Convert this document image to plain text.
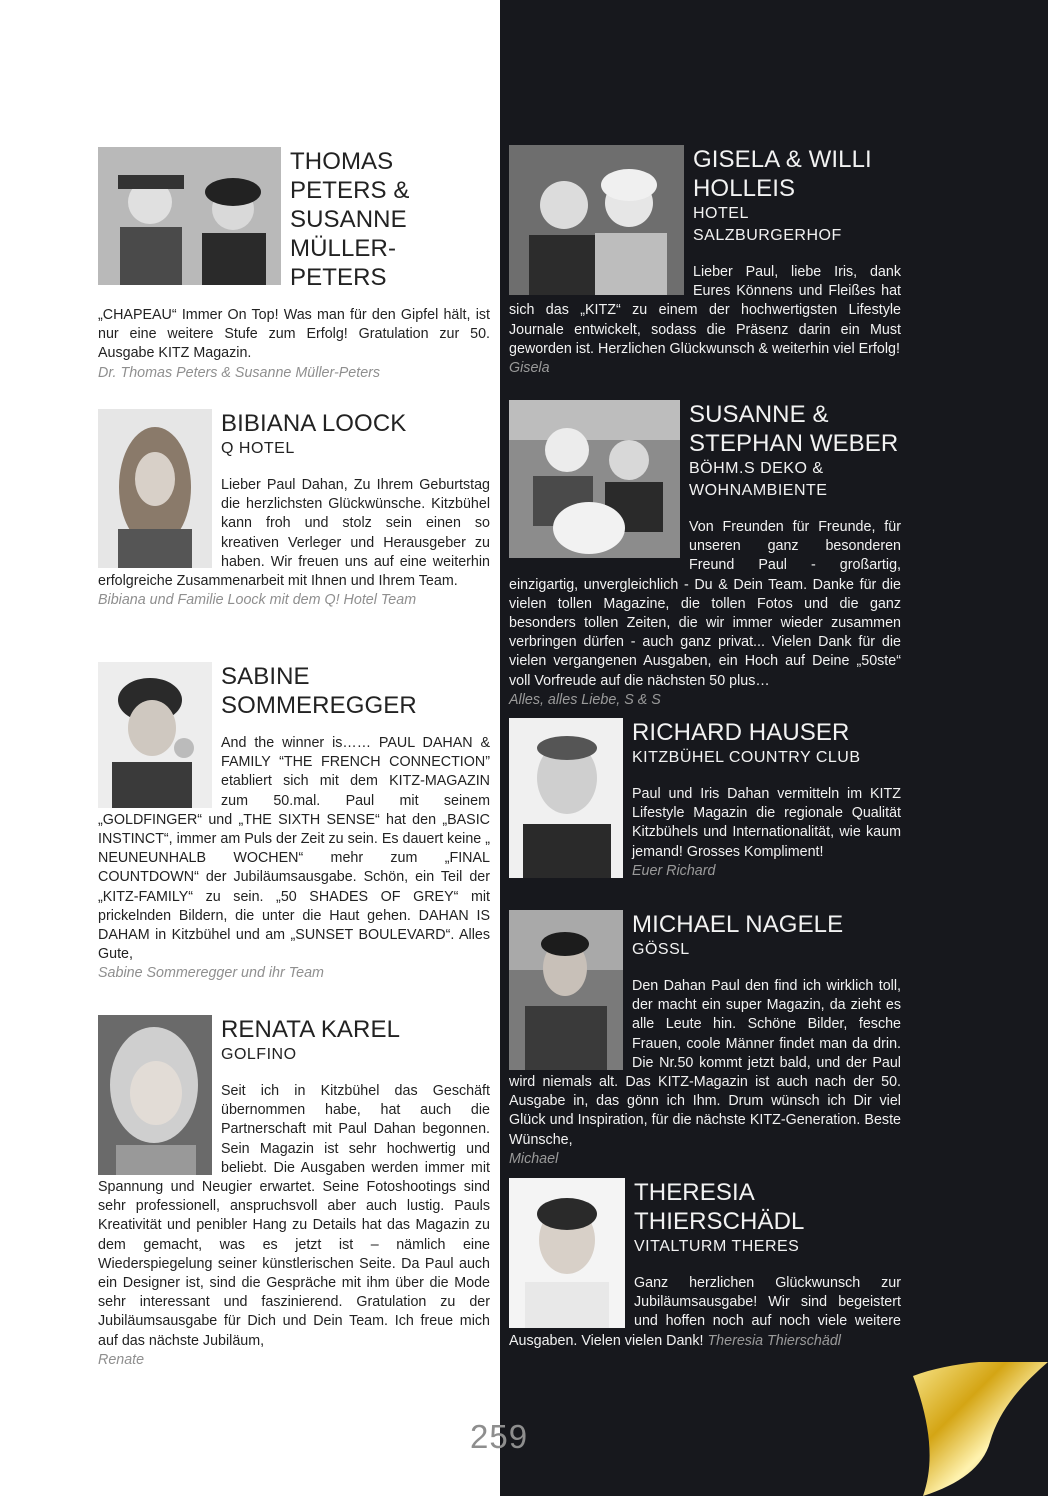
THOMAS PETERS & SUSANNE MÜLLER-PETERS

„CHAPEAU“ Immer On Top! Was man für den Gipfel hält, ist nur eine weitere Stufe zum Erfolg! Gratulation zur 50. Ausgabe KITZ Magazin.

Dr. Thomas Peters & Susanne Müller-Peters

BIBIANA LOOCK
Q HOTEL

Lieber Paul Dahan, Zu Ihrem Geburtstag die herzlichsten Glückwünsche. Kitzbühel kann froh und stolz sein einen so kreativen Verleger und Herausgeber zu haben. Wir freuen uns auf eine weiterhin erfolgreiche Zusammenarbeit mit Ihnen und Ihrem Team.

Bibiana und Familie Loock mit dem Q! Hotel Team

SABINE SOMMEREGGER

And the winner is…… PAUL DAHAN & FAMILY “THE FRENCH CONNECTION” etabliert sich mit dem KITZ-MAGAZIN zum 50.mal. Paul mit seinem „GOLDFINGER“ und „THE SIXTH SENSE“ hat den „BASIC INSTINCT“, immer am Puls der Zeit zu sein. Es dauert keine „ NEUNEUNHALB WOCHEN“ mehr zum „FINAL COUNTDOWN“ der Jubiläumsausgabe. Schön, ein Teil der „KITZ-FAMILY“ zu sein. „50 SHADES OF GREY“ mit prickelnden Bildern, die unter die Haut gehen. DAHAN IS DAHAM in Kitzbühel und am „SUNSET BOULEVARD“. Alles Gute,

Sabine Sommeregger und ihr Team

RENATA KAREL
GOLFINO

Seit ich in Kitzbühel das Geschäft übernommen habe, hat auch die Partnerschaft mit Paul Dahan begonnen. Sein Magazin ist sehr hochwertig und beliebt. Die Ausgaben werden immer mit Spannung und Neugier erwartet. Seine Fotoshootings sind sehr professionell, anspruchsvoll aber auch lustig. Pauls Kreativität und penibler Hang zu Details hat das Magazin zu dem gemacht, was es jetzt ist – nämlich eine Wiederspiegelung seiner künstlerischen Seite. Da Paul auch ein Designer ist, sind die Gespräche mit ihm über die Mode sehr interessant und faszinierend. Gratulation zu der Jubiläumsausgabe für Dich und Dein Team. Ich freue mich auf das nächste Jubiläum,

Renate

GISELA & WILLI HOLLEIS
HOTEL SALZBURGERHOF

Lieber Paul, liebe Iris, dank Eures Könnens und Fleißes hat sich das „KITZ“ zu einem der hochwertigsten Lifestyle Journale entwickelt, sodass die Präsenz darin ein Must geworden ist. Herzlichen Glückwunsch & weiterhin viel Erfolg!

Gisela

SUSANNE & STEPHAN WEBER
BÖHM.S DEKO & WOHNAMBIENTE

Von Freunden für Freunde, für unseren ganz besonderen Freund Paul - großartig, einzigartig, unvergleichlich - Du & Dein Team. Danke für die vielen tollen Magazine, die tollen Fotos und die ganz besonders tollen Zeiten, die wir immer wieder zusammen verbringen dürfen - auch ganz privat... Vielen Dank für die vielen vergangenen Ausgaben, ein Hoch auf Deine „50ste“ voll Vorfreude auf die nächsten 50 plus…

Alles, alles Liebe, S & S

RICHARD HAUSER
KITZBÜHEL COUNTRY CLUB

Paul und Iris Dahan vermitteln im KITZ Lifestyle Magazin die regionale Qualität Kitzbühels und Internationalität, wie kaum jemand! Grosses Kompliment!

Euer Richard

MICHAEL NAGELE
GÖSSL

Den Dahan Paul den find ich wirklich toll, der macht ein super Magazin, da zieht es alle Leute hin. Schöne Bilder, fesche Frauen, coole Männer findet man da drin. Die Nr.50 kommt jetzt bald, und der Paul wird niemals alt. Das KITZ-Magazin ist auch nach der 50. Ausgabe in, das gönn ich Ihm. Drum wünsch ich Dir viel Glück und Inspiration, für die nächste KITZ-Generation. Beste Wünsche,

Michael

THERESIA THIERSCHÄDL
VITALTURM THERES

Ganz herzlichen Glückwunsch zur Jubiläumsausgabe! Wir sind begeistert und hoffen noch auf noch viele weitere Ausgaben. Vielen vielen Dank! Theresia Thierschädl

259
